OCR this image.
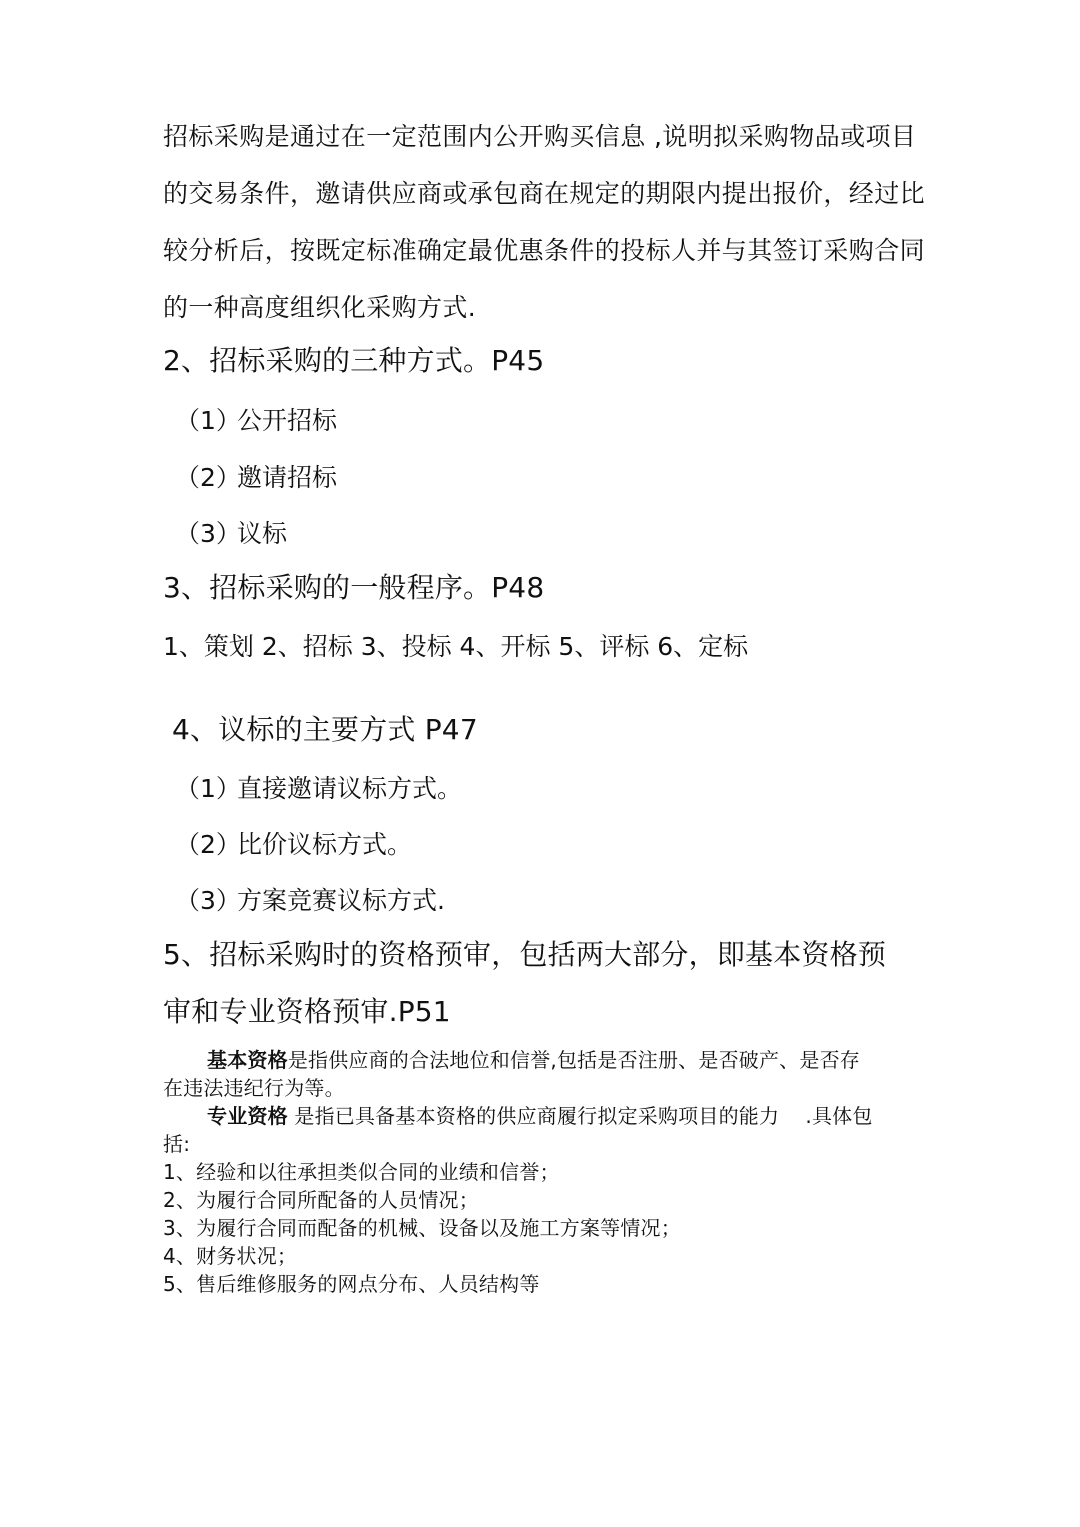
招标采购是通过在一定范围内公开购买信息 ,说明拟采购物品或项目
的交易条件，邀请供应商或承包商在规定的期限内提出报价，经过比
较分析后，按既定标准确定最优惠条件的投标人并与其签订采购合同
的一种高度组织化采购方式.
2、招标采购的三种方式。P45
（1）公开招标
（2）邀请招标
（3）议标
3、招标采购的一般程序。P48
1、策划 2、招标 3、投标 4、开标 5、评标 6、定标
4、议标的主要方式 P47
（1）直接邀请议标方式。
（2）比价议标方式。
（3）方案竞赛议标方式.
5、招标采购时的资格预审，包括两大部分，即基本资格预
审和专业资格预审.P51
基本资格是指供应商的合法地位和信誉,包括是否注册、是否破产、是否存
在违法违纪行为等。
专业资格 是指已具备基本资格的供应商履行拟定采购项目的能力    .具体包
括:
1、经验和以往承担类似合同的业绩和信誉；
2、为履行合同所配备的人员情况；
3、为履行合同而配备的机械、设备以及施工方案等情况；
4、财务状况；
5、售后维修服务的网点分布、人员结构等
